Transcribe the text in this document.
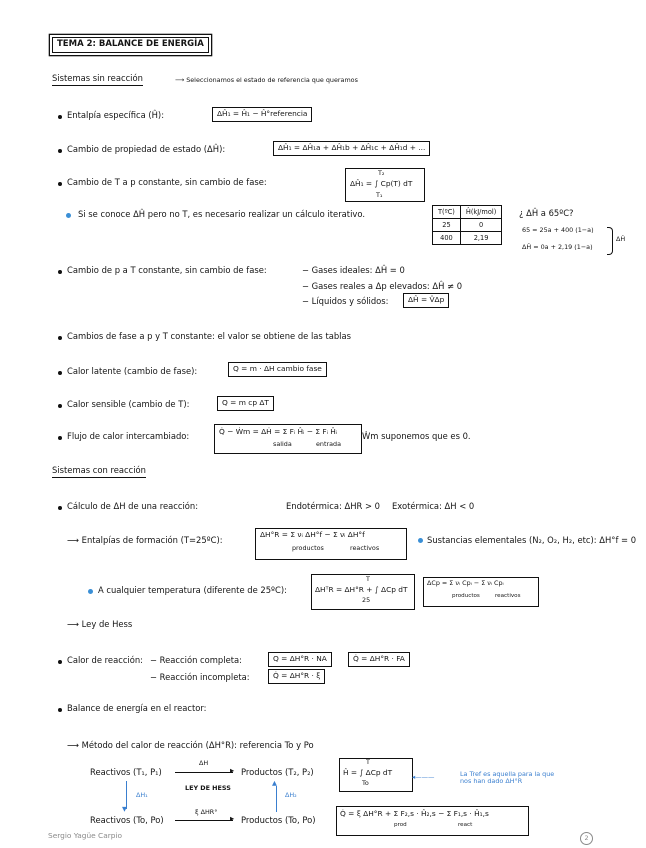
TEMA 2: BALANCE DE ENERGÍA
Sistemas sin reacción	⟶ Seleccionamos el estado de referencia que queramos
Entalpía específica (Ĥ):	ΔĤ₁ = Ĥ₁ − Ĥ°referencia
Cambio de propiedad de estado (ΔĤ):	ΔĤ₁ = ΔĤ₁a + ΔĤ₁b + ΔĤ₁c + ΔĤ₁d + ...
Cambio de T a p constante, sin cambio de fase:	ΔĤ₁ = ∫ Cp(T) dT
T₂
T₁
Si se conoce ΔĤ pero no T, es necesario realizar un cálculo iterativo.	T(ºC)	Ĥ(kJ/mol)
25	0
400	2,19
¿ ΔĤ a 65ºC?
65 = 25a + 400 (1−a)
ΔĤ = 0a + 2,19 (1−a)
ΔĤ
Cambio de p a T constante, sin cambio de fase:	− Gases ideales: ΔĤ = 0
− Gases reales a Δp elevados: ΔĤ ≠ 0
− Líquidos y sólidos:	ΔĤ = V̂Δp
Cambios de fase a p y T constante: el valor se obtiene de las tablas
Calor latente (cambio de fase):	Q = m · ΔH cambio fase
Calor sensible (cambio de T):	Q = m cp ΔT
Flujo de calor intercambiado:	Q̇ − Ẇm = ΔḢ = Σ Fᵢ Ĥᵢ − Σ Fᵢ Ĥᵢ
salida	entrada
Ẇm suponemos que es 0.
Sistemas con reacción
Cálculo de ΔH de una reacción:	Endotérmica: ΔHR > 0 Exotérmica: ΔH < 0
⟶ Entalpías de formación (T=25ºC):
ΔH°R = Σ νᵢ ΔH°f − Σ νᵢ ΔH°f
productos	reactivos
Sustancias elementales (N₂, O₂, H₂, etc): ΔH°f = 0
A cualquier temperatura (diferente de 25ºC):	ΔHᵀR = ΔH°R + ∫ ΔCp dT
T
25
ΔCp = Σ νᵢ Cpᵢ − Σ νᵢ Cpᵢ
productos	reactivos
⟶ Ley de Hess
Calor de reacción: − Reacción completa:	Q = ΔH°R · NA	Q̇ = ΔH°R · FA
− Reacción incompleta:	Q̇ = ΔH°R · ξ
Balance de energía en el reactor:
⟶ Método del calor de reacción (ΔH°R): referencia To y Po
Reactivos (T₁, P₁)
ΔH
▸ Productos (T₂, P₂)
LEY DE HESS
▼
ΔH₁
▲
ΔH₂
Reactivos (To, Po)
ξ ΔHR°
▸ Productos (To, Po)
Ĥ = ∫ ΔCp dT
T
To
La Tref es aquella para la que nos han dado ΔH°R
◂———
Q̇ = ξ ΔH°R + Σ F₂,s · Ĥ₂,s − Σ F₁,s · Ĥ₁,s
prod	react
Sergio Yagüe Carpio	2
